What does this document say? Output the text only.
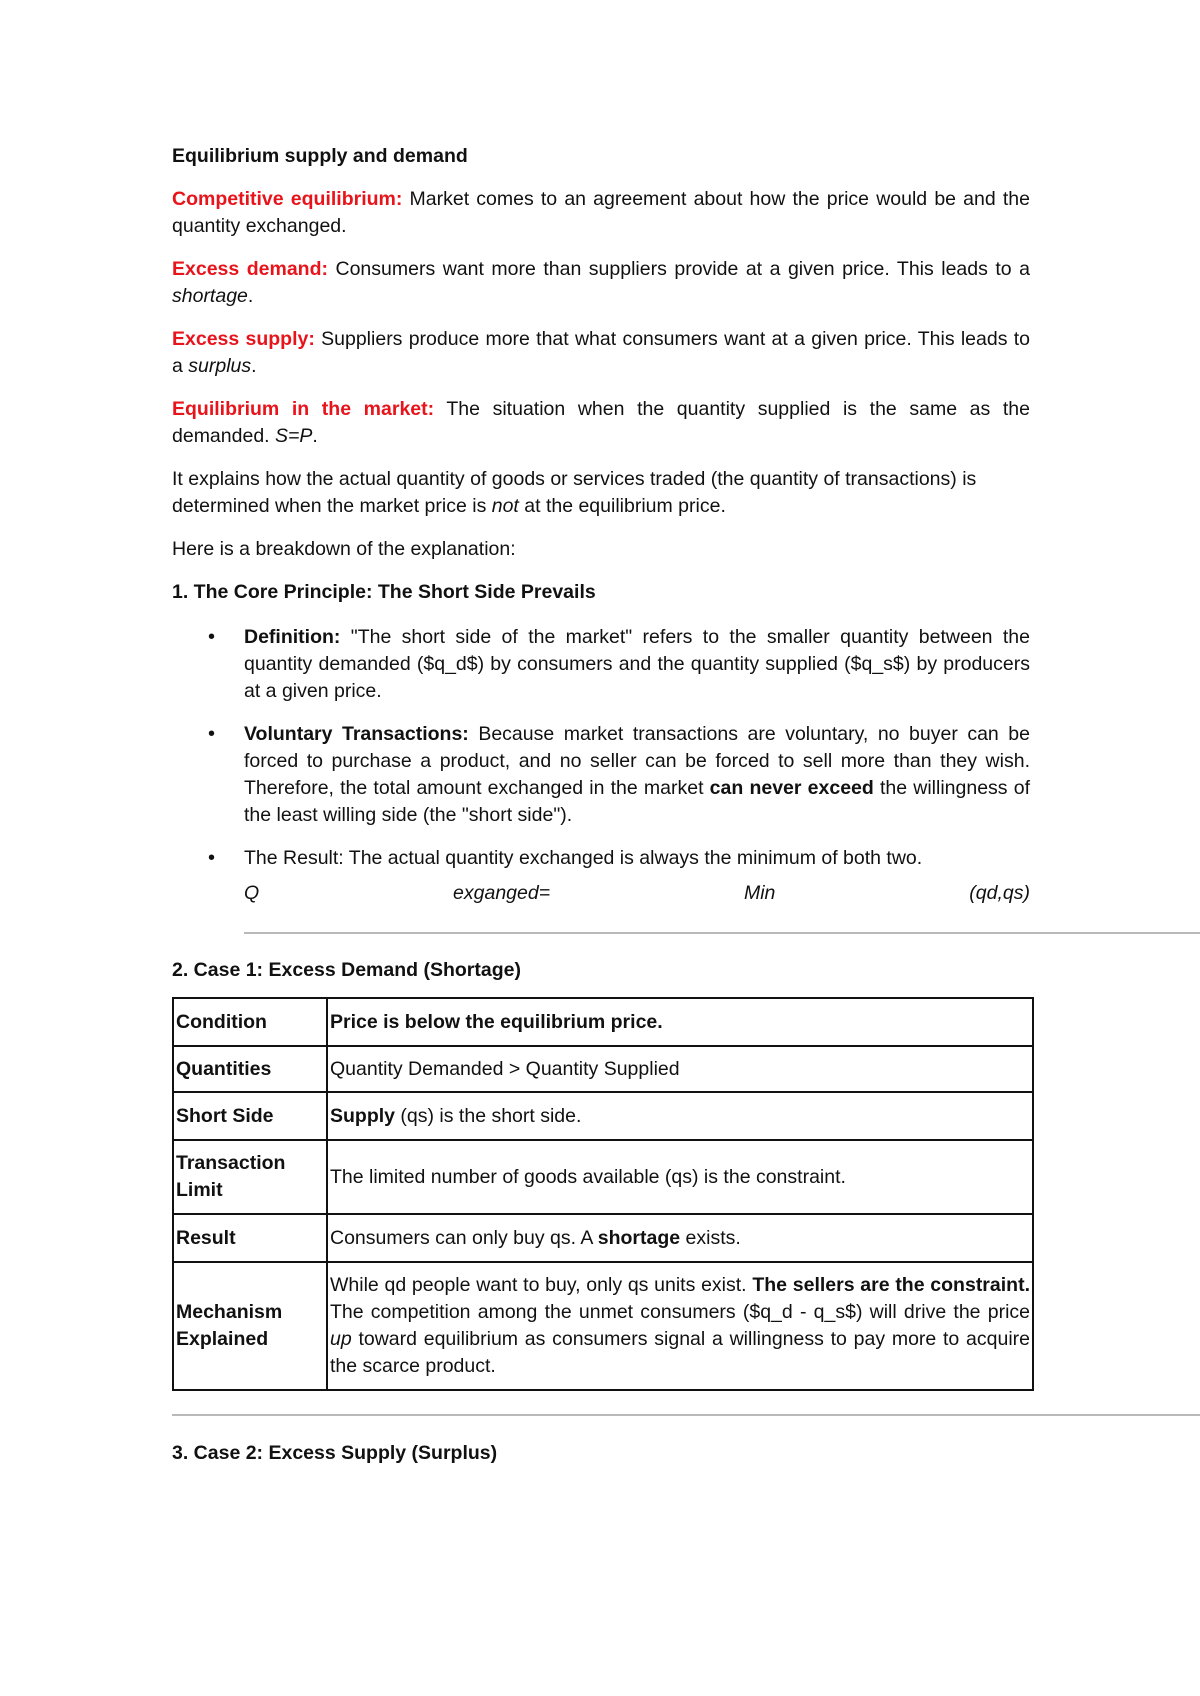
Equilibrium supply and demand

Competitive equilibrium: Market comes to an agreement about how the price would be and the quantity exchanged.

Excess demand: Consumers want more than suppliers provide at a given price. This leads to a shortage.

Excess supply: Suppliers produce more that what consumers want at a given price. This leads to a surplus.

Equilibrium in the market: The situation when the quantity supplied is the same as the demanded. S=P.

It explains how the actual quantity of goods or services traded (the quantity of transactions) is determined when the market price is not at the equilibrium price.

Here is a breakdown of the explanation:

1. The Core Principle: The Short Side Prevails

• Definition: "The short side of the market" refers to the smaller quantity between the quantity demanded ($q_d$) by consumers and the quantity supplied ($q_s$) by producers at a given price.
• Voluntary Transactions: Because market transactions are voluntary, no buyer can be forced to purchase a product, and no seller can be forced to sell more than they wish. Therefore, the total amount exchanged in the market can never exceed the willingness of the least willing side (the "short side").
• The Result: The actual quantity exchanged is always the minimum of both two.
Q	exganged=	Min	(qd,qs)
2. Case 1: Excess Demand (Shortage)
Condition	Price is below the equilibrium price.
Quantities	Quantity Demanded > Quantity Supplied
Short Side	Supply (qs) is the short side.
Transaction Limit	The limited number of goods available (qs) is the constraint.
Result	Consumers can only buy qs. A shortage exists.
Mechanism Explained	While qd people want to buy, only qs units exist. The sellers are the constraint. The competition among the unmet consumers ($q_d - q_s$) will drive the price up toward equilibrium as consumers signal a willingness to pay more to acquire the scarce product.
3. Case 2: Excess Supply (Surplus)
